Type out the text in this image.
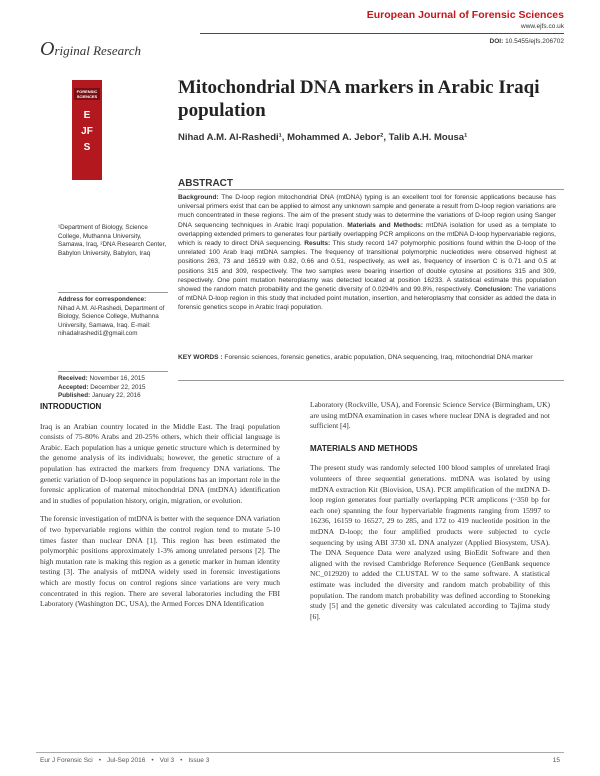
European Journal of Forensic Sciences
www.ejfs.co.uk
DOI: 10.5455/ejfs.206702
Original Research
FORENSIC SCIENCES
EJFS
Mitochondrial DNA markers in Arabic Iraqi population
Nihad A.M. Al-Rashedi¹, Mohammed A. Jebor², Talib A.H. Mousa¹
ABSTRACT
Background: The D-loop region mitochondrial DNA (mtDNA) typing is an excellent tool for forensic applications because has universal primers exist that can be applied to almost any unknown sample and generate a result from D-loop region variations are much concentrated in these regions. The aim of the present study was to determine the variations of D-loop region using Sanger DNA sequencing techniques in Arabic Iraqi population. Materials and Methods: mtDNA isolation for used as a template to overlapping extended primers to generates four partially overlapping PCR amplicons on the mtDNA D-loop hypervariable regions, which is ready to direct DNA sequencing. Results: This study record 147 polymorphic positions found within the D-loop of the unrelated 100 Arab Iraqi mtDNA samples. The frequency of transitional polymorphic nucleotides were observed highest at positions 263, 73 and 16519 with 0.82, 0.66 and 0.51, respectively, as well as, frequency of insertion C is 0.71 and 0.5 at positions 315 and 309, respectively. The two samples were bearing insertion of double cytosine at positions 315 and 309, respectively. One point mutation heteroplasmy was detected located at position 16233. A statistical estimate this population showed the random match probability and the genetic diversity of 0.0294% and 99.8%, respectively. Conclusion: The variations of mtDNA D-loop region in this study that included point mutation, insertion, and heteroplasmy that consider as added the data in forensic genetics scope in Arabic Iraqi population.
KEY WORDS : Forensic sciences, forensic genetics, arabic population, DNA sequencing, Iraq, mitochondrial DNA marker
¹Department of Biology, Science College, Muthanna University, Samawa, Iraq, ²DNA Research Center, Babylon University, Babylon, Iraq
Address for correspondence:
Nihad A.M. Al-Rashedi, Department of Biology, Science College, Muthanna University, Samawa, Iraq. E-mail: nihadalrashedi1@gmail.com
Received: November 16, 2015
Accepted: December 22, 2015
Published: January 22, 2016
INTRODUCTION

Iraq is an Arabian country located in the Middle East. The Iraqi population consists of 75-80% Arabs and 20-25% others, which their official language is Arabic. Each population has a unique genetic structure which is determined by the genome analysis of its individuals; however, the genetic structure of a population has extracted the markers from frequency DNA variations. The genetic variation of D-loop sequence in populations has an important role in the forensic application of maternal mitochondrial DNA (mtDNA) identification and in studies of population history, origin, migration, or evolution.

The forensic investigation of mtDNA is better with the sequence DNA variation of two hypervariable regions within the control region tend to mutate 5-10 times faster than nuclear DNA [1]. This region has been estimated the polymorphic positions approximately 1-3% among unrelated persons [2]. The high mutation rate is making this region as a genetic marker in human identity testing [3]. The analysis of mtDNA widely used in forensic investigations which are mostly focus on control regions since variations are very much concentrated in this region. There are several laboratories including the FBI Laboratory (Washington DC, USA), the Armed Forces DNA Identification

Laboratory (Rockville, USA), and Forensic Science Service (Birmingham, UK) are using mtDNA examination in cases where nuclear DNA is degraded and not sufficient [4].

MATERIALS AND METHODS

The present study was randomly selected 100 blood samples of unrelated Iraqi volunteers of three sequential generations. mtDNA was isolated by using mtDNA extraction Kit (Biovision, USA). PCR amplification of the mtDNA D-loop region generates four partially overlapping PCR amplicons (~350 bp for each one) spanning the four hypervariable fragments ranging from 15997 to 16236, 16159 to 16527, 29 to 285, and 172 to 419 nucleotide position in the mtDNA D-loop; the four amplified products were subjected to cycle sequencing by using ABI 3730 xL DNA analyzer (Applied Biosystem, USA). The DNA Sequence Data were analyzed using BioEdit Software and then aligned with the revised Cambridge Reference Sequence (GenBank sequence NC_012920) to added the CLUSTAL W to the same software. A statistical estimate was included the diversity and random match probability of this population. The random match probability was defined according to Stoneking study [5] and the genetic diversity was calculated according to Tajima study [6].

Eur J Forensic Sci • Jul-Sep 2016 • Vol 3 • Issue 3	15
